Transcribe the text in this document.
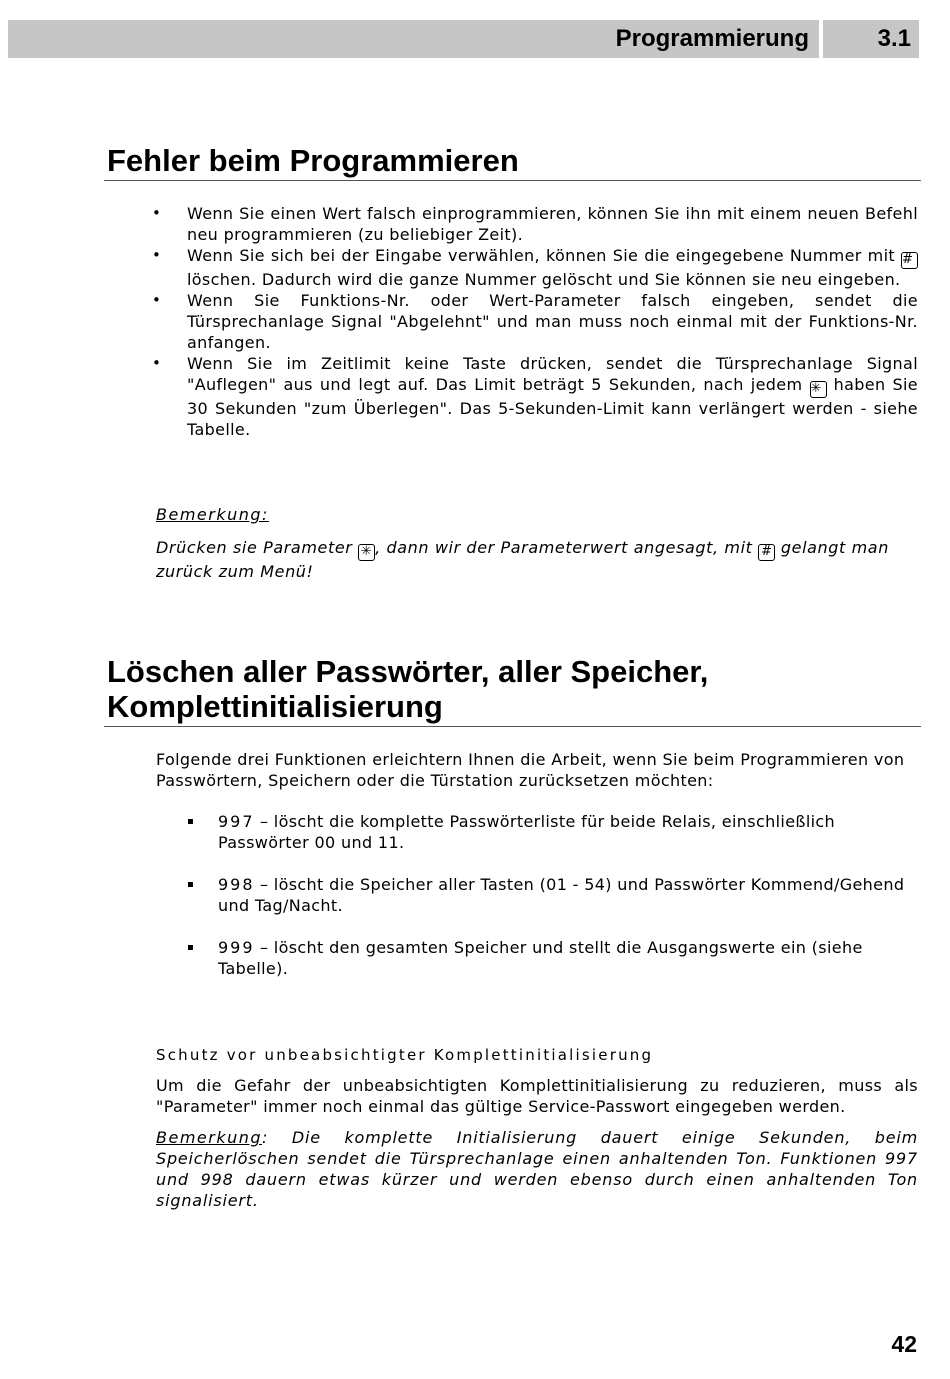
Programmierung	3.1
Fehler beim Programmieren
• Wenn Sie einen Wert falsch einprogrammieren, können Sie ihn mit einem neuen Befehl neu programmieren (zu beliebiger Zeit).
• Wenn Sie sich bei der Eingabe verwählen, können Sie die eingegebene Nummer mit # löschen. Dadurch wird die ganze Nummer gelöscht und Sie können sie neu eingeben.
• Wenn Sie Funktions-Nr. oder Wert-Parameter falsch eingeben, sendet die Türsprechanlage Signal "Abgelehnt" und man muss noch einmal mit der Funktions-Nr. anfangen.
• Wenn Sie im Zeitlimit keine Taste drücken, sendet die Türsprechanlage Signal "Auflegen" aus und legt auf. Das Limit beträgt 5 Sekunden, nach jedem ✳ haben Sie 30 Sekunden "zum Überlegen". Das 5-Sekunden-Limit kann verlängert werden - siehe Tabelle.
Bemerkung:
Drücken sie Parameter ✳ , dann wir der Parameterwert angesagt, mit # gelangt man zurück zum Menü!
Löschen aller Passwörter, aller Speicher,
Komplettinitialisierung
Folgende drei Funktionen erleichtern Ihnen die Arbeit, wenn Sie beim Programmieren von Passwörtern, Speichern oder die Türstation zurücksetzen möchten:
997 – löscht die komplette Passwörterliste für beide Relais, einschließlich Passwörter 00 und 11.
998 – löscht die Speicher aller Tasten (01 - 54) und Passwörter Kommend/Gehend und Tag/Nacht.
999 – löscht den gesamten Speicher und stellt die Ausgangswerte ein (siehe Tabelle).
Schutz vor unbeabsichtigter Komplettinitialisierung
Um die Gefahr der unbeabsichtigten Komplettinitialisierung zu reduzieren, muss als "Parameter" immer noch einmal das gültige Service-Passwort eingegeben werden.
Bemerkung: Die komplette Initialisierung dauert einige Sekunden, beim Speicherlöschen sendet die Türsprechanlage einen anhaltenden Ton. Funktionen 997 und 998 dauern etwas kürzer und werden ebenso durch einen anhaltenden Ton signalisiert.
42
